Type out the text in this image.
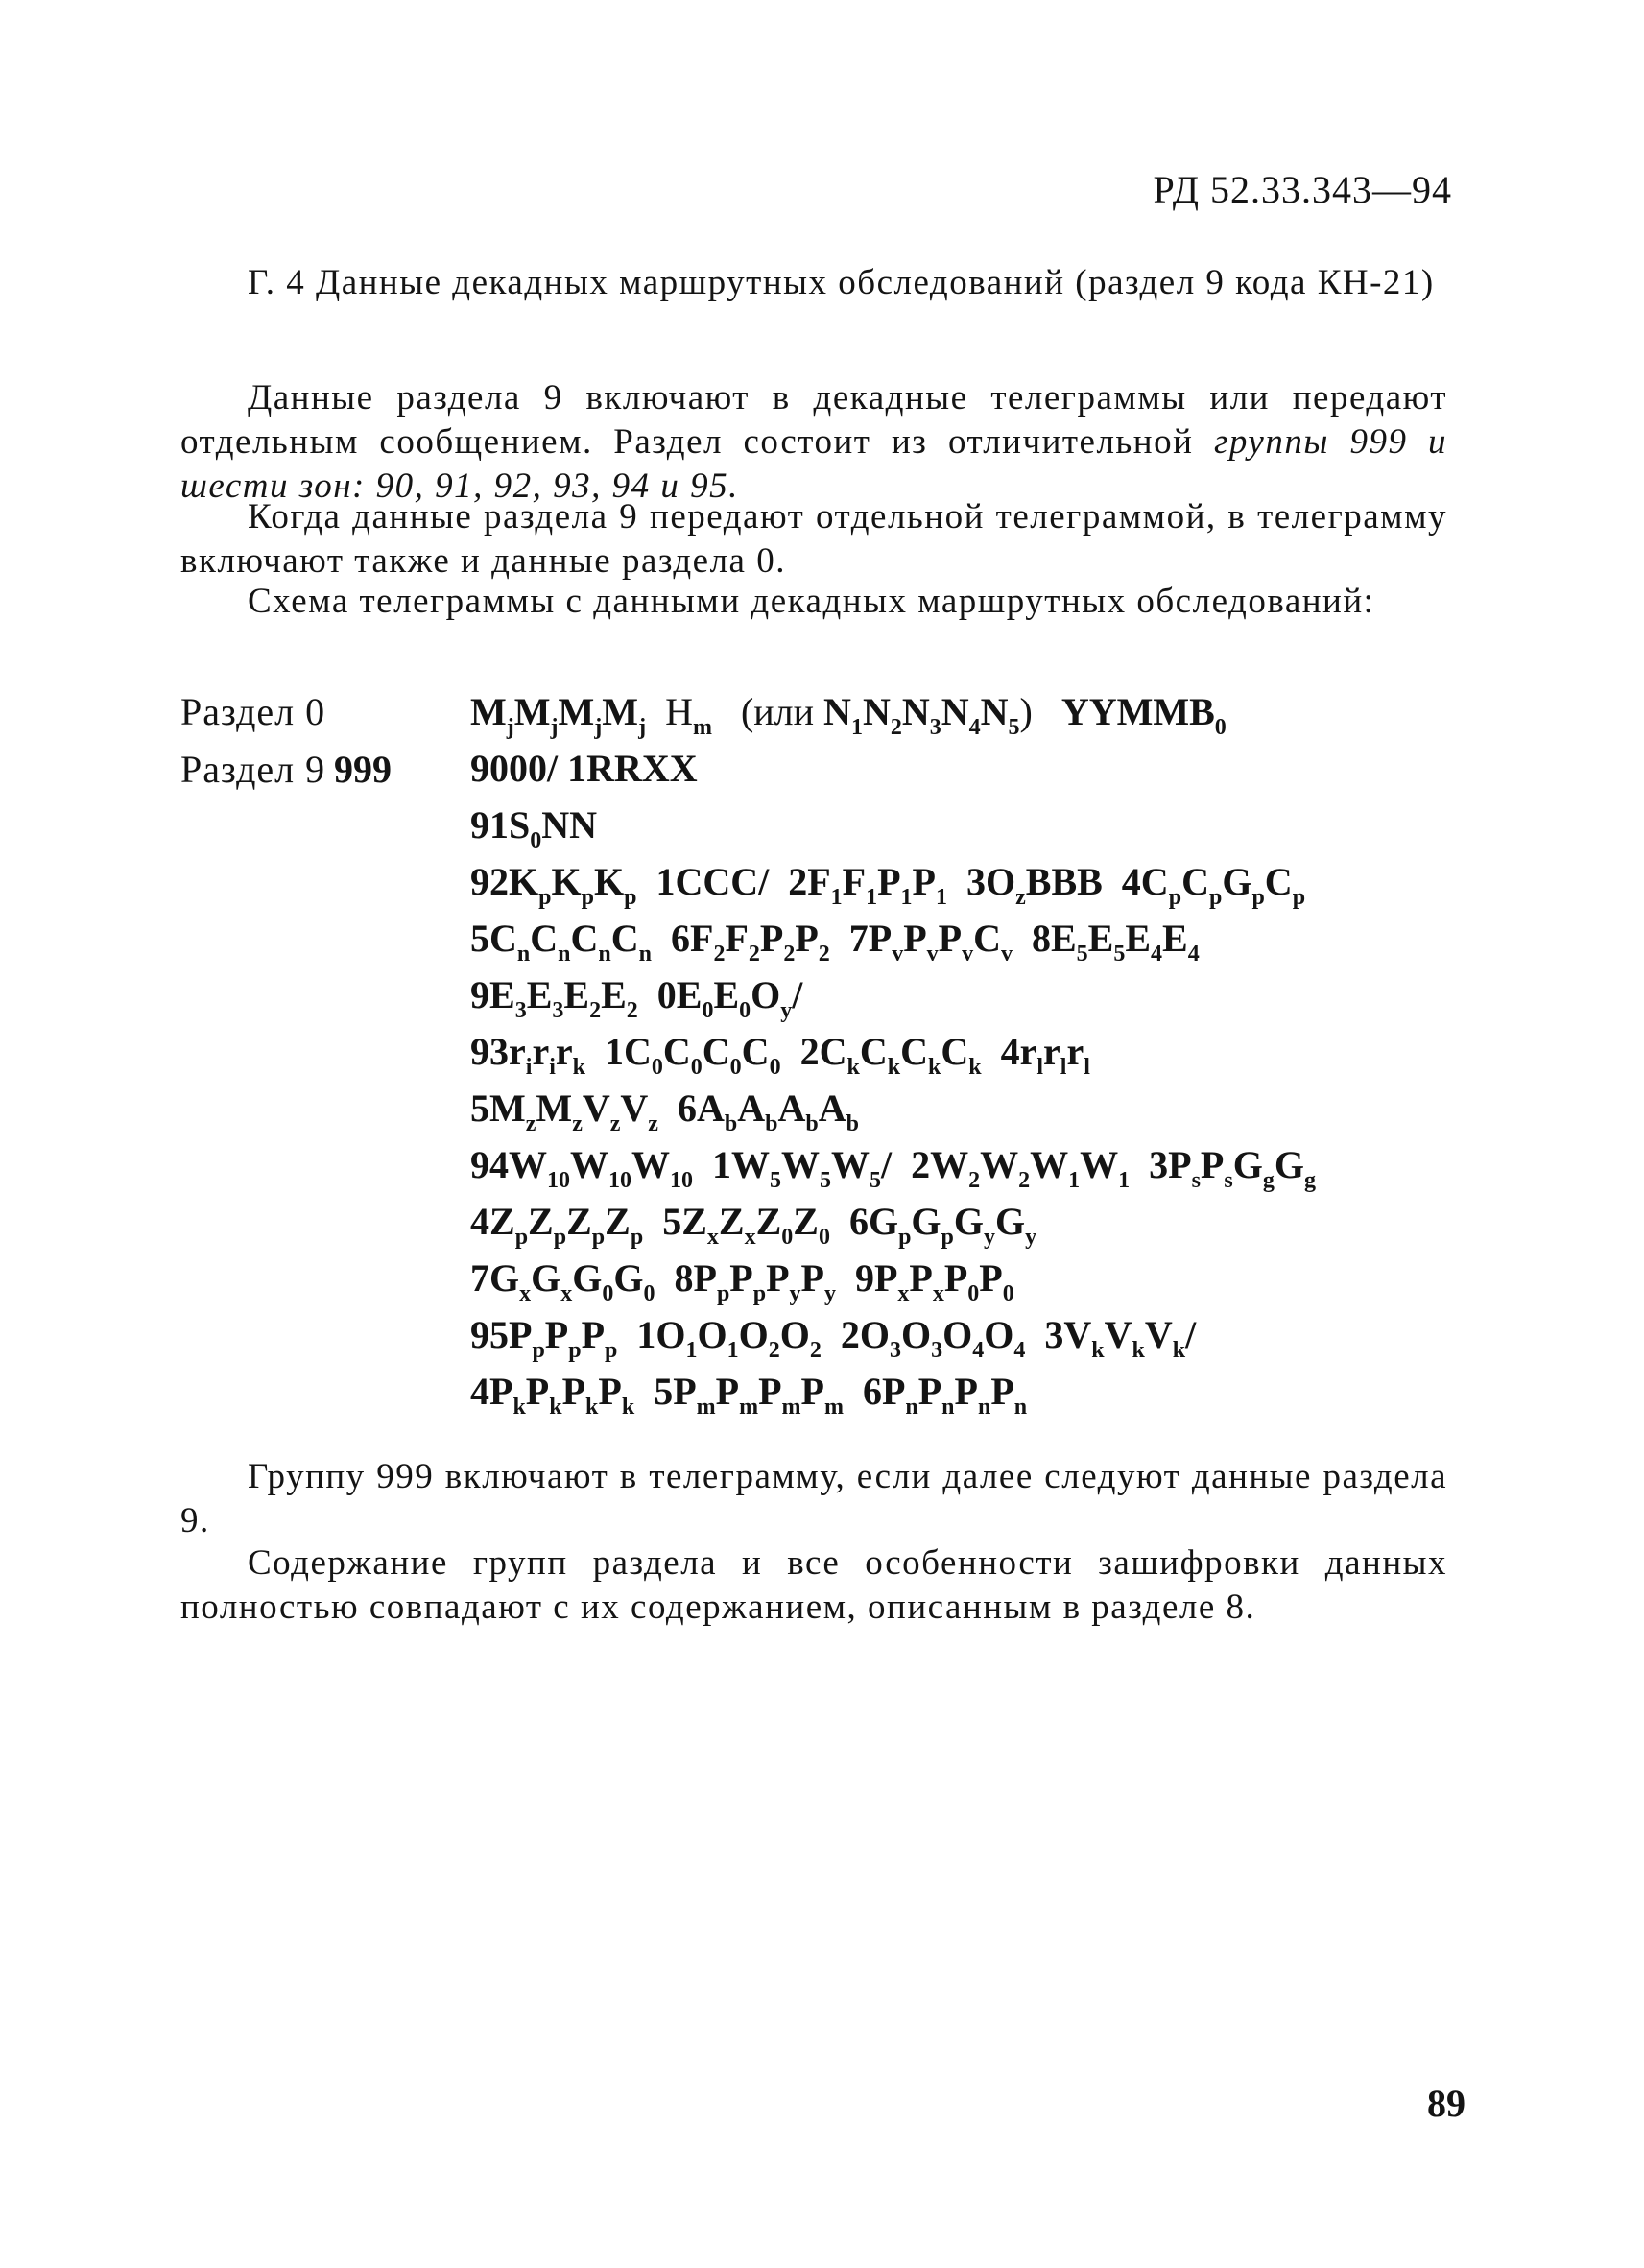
РД 52.33.343—94
Г. 4 Данные декадных маршрутных обследований (раздел 9 кода КН-21)
Данные раздела 9 включают в декадные телеграммы или передают отдельным сообщением. Раздел состоит из отличительной группы 999 и шести зон: 90, 91, 92, 93, 94 и 95.
Когда данные раздела 9 передают отдельной телеграммой, в телеграмму включают также и данные раздела 0.
Схема телеграммы с данными декадных маршрутных обследований:
Раздел 0
Раздел 9 999
$M_jM_jM_jM_j$ $H_m$ (или $N_1N_2N_3N_4N_5$) $YYMMB_0$
9000/ 1RRXX
$91S_0NN$
$92K_pK_pK_p$  1CCC/  $2F_1F_1P_1P_1$  $3O_zBBB$  $4C_pC_pG_pC_p$
$5C_nC_nC_nC_n$  $6F_2F_2P_2P_2$  $7P_vP_vP_vC_v$  $8E_5E_5E_4E_4$
$9E_3E_3E_2E_2$  $0E_0E_0O_y/$
$93r_ir_ir_k$  $1C_0C_0C_0C_0$  $2C_kC_kC_kC_k$  $4r_lr_lr_l$
$5M_zM_zV_zV_z$  $6A_bA_bA_bA_b$
$94W_{10}W_{10}W_{10}$  $1W_5W_5W_5/$  $2W_2W_2W_1W_1$  $3P_sP_sG_gG_g$
$4Z_pZ_pZ_pZ_p$  $5Z_xZ_xZ_0Z_0$  $6G_pG_pG_yG_y$
$7G_xG_xG_0G_0$  $8P_pP_pP_yP_y$  $9P_xP_xP_0P_0$
$95P_pP_pP_p$  $1O_1O_1O_2O_2$  $2O_3O_3O_4O_4$  $3V_kV_kV_k/$
$4P_kP_kP_kP_k$  $5P_mP_mP_mP_m$  $6P_nP_nP_nP_n$
Группу 999 включают в телеграмму, если далее следуют данные раздела 9.
Содержание групп раздела и все особенности зашифровки данных полностью совпадают с их содержанием, описанным в разделе 8.
89
